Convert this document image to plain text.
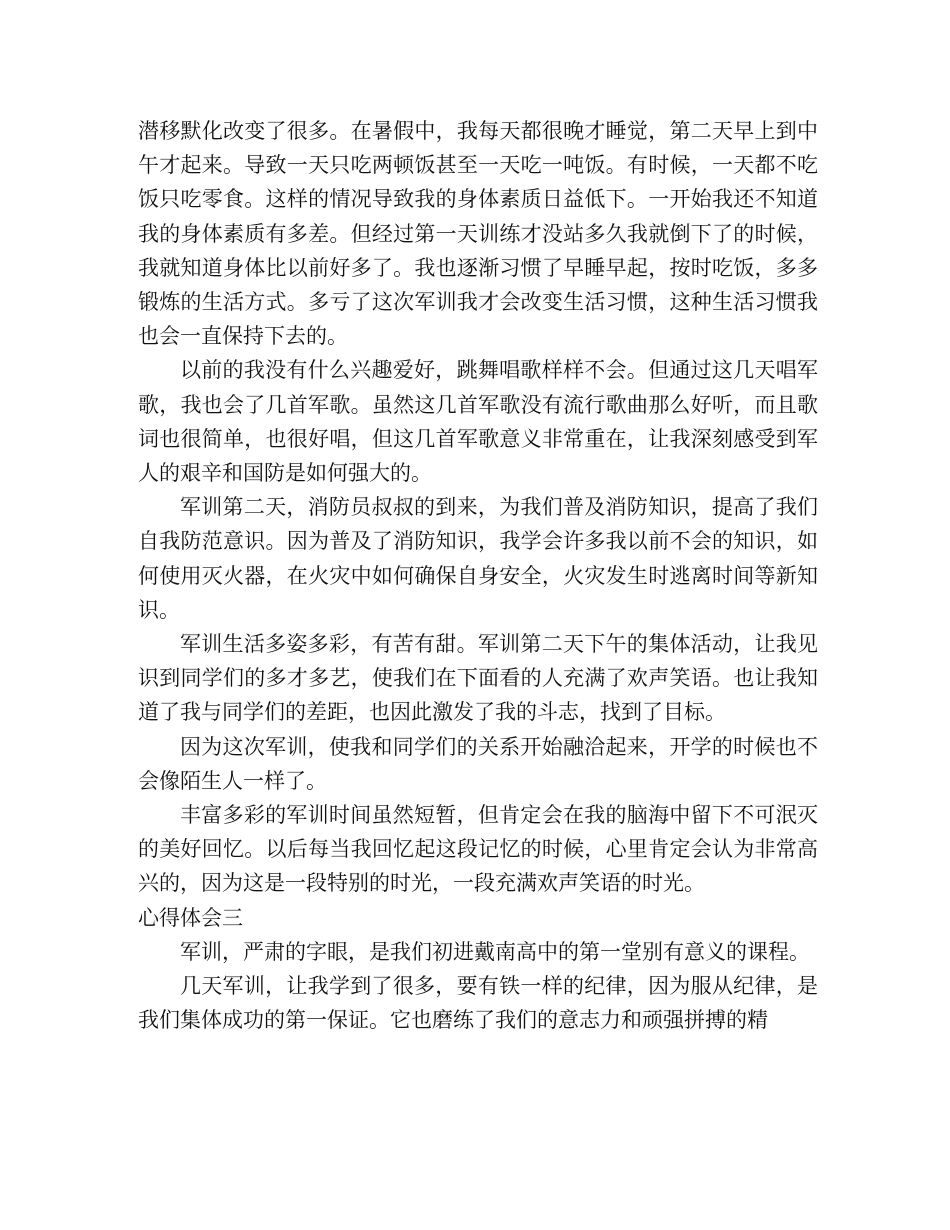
潜移默化改变了很多。在暑假中，我每天都很晚才睡觉，第二天早上到中午才起来。导致一天只吃两顿饭甚至一天吃一吨饭。有时候，一天都不吃饭只吃零食。这样的情况导致我的身体素质日益低下。一开始我还不知道我的身体素质有多差。但经过第一天训练才没站多久我就倒下了的时候，我就知道身体比以前好多了。我也逐渐习惯了早睡早起，按时吃饭，多多锻炼的生活方式。多亏了这次军训我才会改变生活习惯，这种生活习惯我也会一直保持下去的。

以前的我没有什么兴趣爱好，跳舞唱歌样样不会。但通过这几天唱军歌，我也会了几首军歌。虽然这几首军歌没有流行歌曲那么好听，而且歌词也很简单，也很好唱，但这几首军歌意义非常重在，让我深刻感受到军人的艰辛和国防是如何强大的。

军训第二天，消防员叔叔的到来，为我们普及消防知识，提高了我们自我防范意识。因为普及了消防知识，我学会许多我以前不会的知识，如何使用灭火器，在火灾中如何确保自身安全，火灾发生时逃离时间等新知识。

军训生活多姿多彩，有苦有甜。军训第二天下午的集体活动，让我见识到同学们的多才多艺，使我们在下面看的人充满了欢声笑语。也让我知道了我与同学们的差距，也因此激发了我的斗志，找到了目标。

因为这次军训，使我和同学们的关系开始融洽起来，开学的时候也不会像陌生人一样了。

丰富多彩的军训时间虽然短暂，但肯定会在我的脑海中留下不可泯灭的美好回忆。以后每当我回忆起这段记忆的时候，心里肯定会认为非常高兴的，因为这是一段特别的时光，一段充满欢声笑语的时光。

心得体会三

军训，严肃的字眼，是我们初进戴南高中的第一堂别有意义的课程。

几天军训，让我学到了很多，要有铁一样的纪律，因为服从纪律，是我们集体成功的第一保证。它也磨练了我们的意志力和顽强拼搏的精
